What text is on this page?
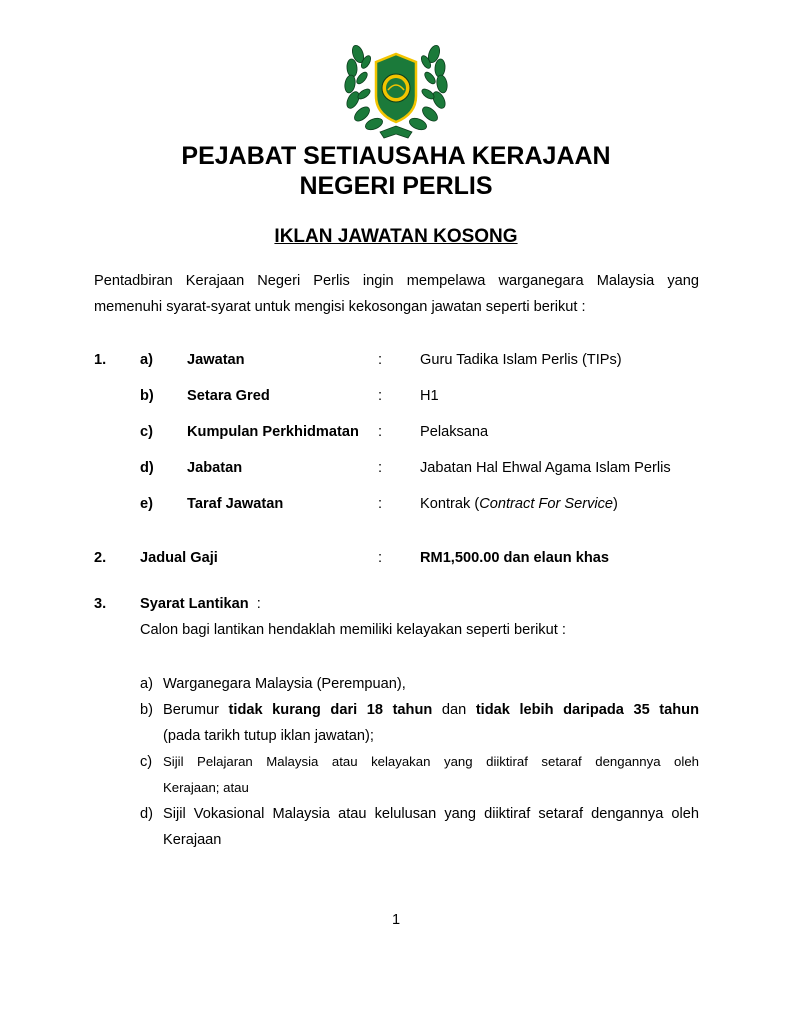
PEJABAT SETIAUSAHA KERAJAAN
NEGERI PERLIS
IKLAN JAWATAN KOSONG
Pentadbiran Kerajaan Negeri Perlis ingin mempelawa warganegara Malaysia yang memenuhi syarat-syarat untuk mengisi kekosongan jawatan seperti berikut :
1. a) Jawatan	:	Guru Tadika Islam Perlis (TIPs)
b) Setara Gred	:	H1
c) Kumpulan Perkhidmatan :	Pelaksana
d) Jabatan	:	Jabatan Hal Ehwal Agama Islam Perlis
e) Taraf Jawatan	:	Kontrak (Contract For Service)
2. Jadual Gaji	:	RM1,500.00 dan elaun khas
3. Syarat Lantikan :
Calon bagi lantikan hendaklah memiliki kelayakan seperti berikut :
a) Warganegara Malaysia (Perempuan),
b) Berumur tidak kurang dari 18 tahun dan tidak lebih daripada 35 tahun
(pada tarikh tutup iklan jawatan);
c) Sijil Pelajaran Malaysia atau kelayakan yang diiktiraf setaraf dengannya oleh
Kerajaan; atau
d) Sijil Vokasional Malaysia atau kelulusan yang diiktiraf setaraf dengannya oleh
Kerajaan
1
